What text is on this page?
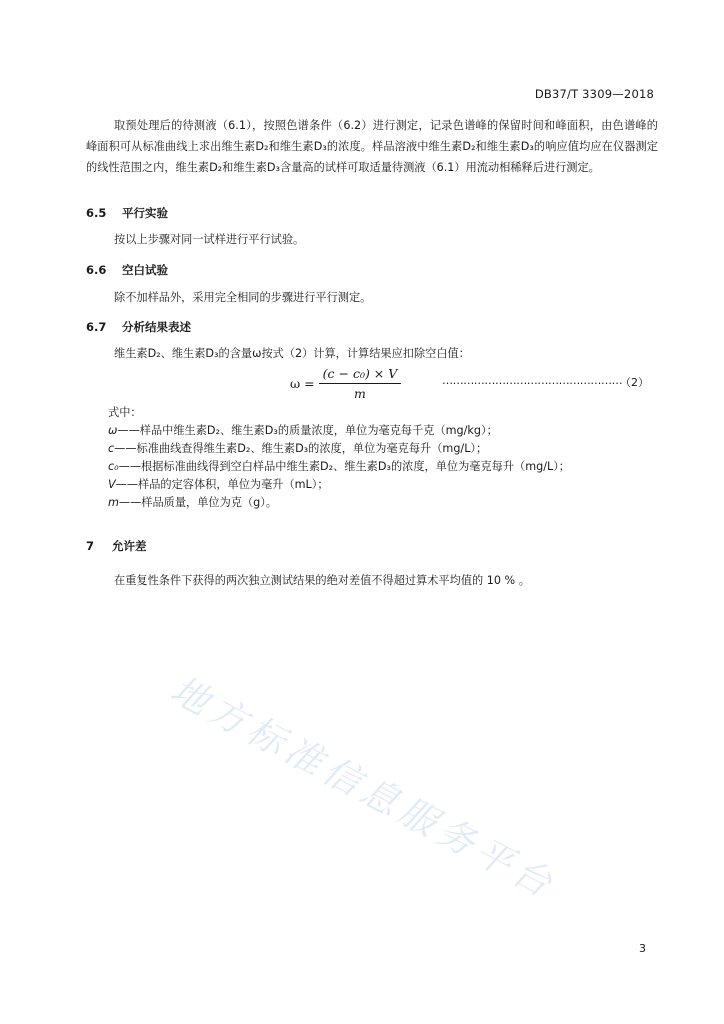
DB37/T 3309—2018

取预处理后的待测液（6.1），按照色谱条件（6.2）进行测定，记录色谱峰的保留时间和峰面积，由色谱峰的峰面积可从标准曲线上求出维生素D₂和维生素D₃的浓度。样品溶液中维生素D₂和维生素D₃的响应值均应在仪器测定的线性范围之内，维生素D₂和维生素D₃含量高的试样可取适量待测液（6.1）用流动相稀释后进行测定。

6.5 平行实验

按以上步骤对同一试样进行平行试验。

6.6 空白试验

除不加样品外，采用完全相同的步骤进行平行测定。

6.7 分析结果表述

维生素D₂、维生素D₃的含量ω按式（2）计算，计算结果应扣除空白值：

$\omega = \frac{\text{(c − c₀) × V}}{m}$	……………………………………………
（2）
式中：
ω——样品中维生素D₂、维生素D₃的质量浓度，单位为毫克每千克（mg/kg）；
c——标准曲线查得维生素D₂、维生素D₃的浓度，单位为毫克每升（mg/L）；
c₀——根据标准曲线得到空白样品中维生素D₂、维生素D₃的浓度，单位为毫克每升（mg/L）；
V——样品的定容体积，单位为毫升（mL）；
m——样品质量，单位为克（g）。
7 允许差

在重复性条件下获得的两次独立测试结果的绝对差值不得超过算术平均值的 10 % 。

地方标准信息服务平台
3
